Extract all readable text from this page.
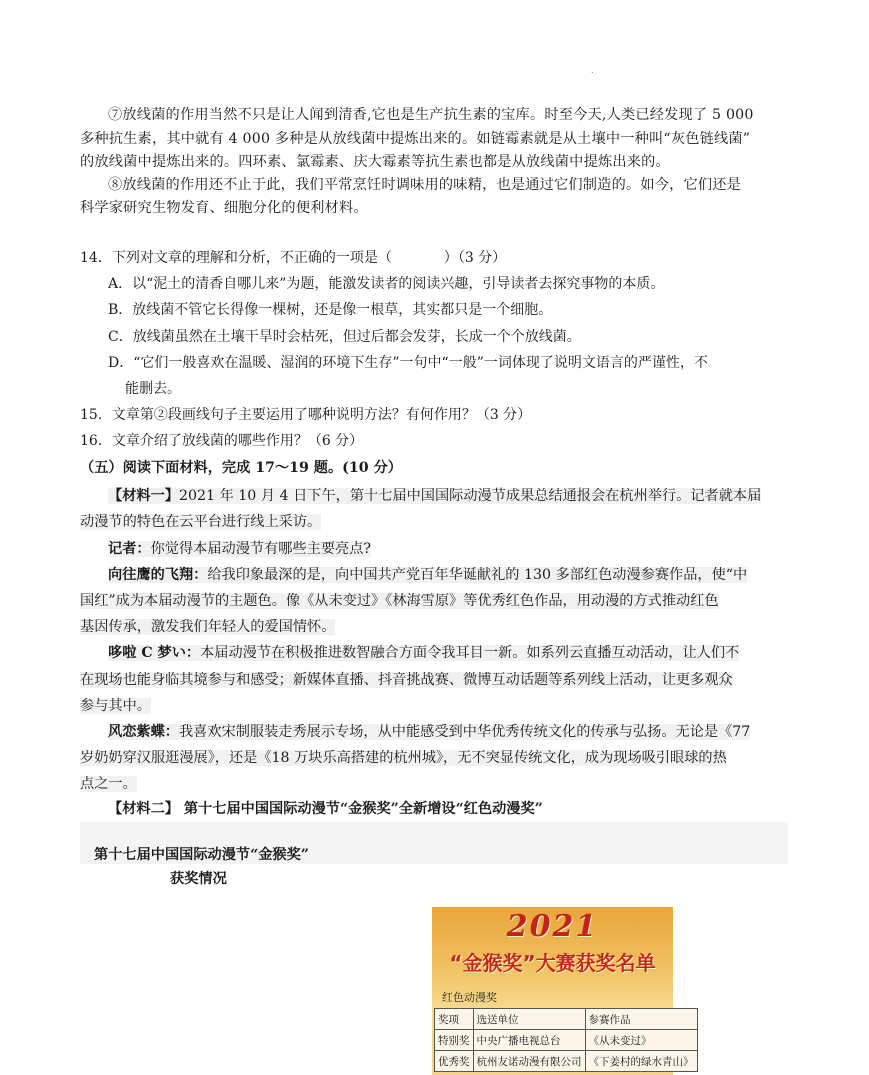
.
⑦放线菌的作用当然不只是让人闻到清香,它也是生产抗生素的宝库。时至今天,人类已经发现了 5 000
多种抗生素，其中就有 4 000 多种是从放线菌中提炼出来的。如链霉素就是从土壤中一种叫“灰色链线菌”
的放线菌中提炼出来的。四环素、氯霉素、庆大霉素等抗生素也都是从放线菌中提炼出来的。
⑧放线菌的作用还不止于此，我们平常烹饪时调味用的味精，也是通过它们制造的。如今，它们还是
科学家研究生物发育、细胞分化的便利材料。
14．下列对文章的理解和分析，不正确的一项是（	）（3 分）
A．以“泥土的清香自哪儿来”为题，能激发读者的阅读兴趣，引导读者去探究事物的本质。
B．放线菌不管它长得像一棵树，还是像一根草，其实都只是一个细胞。
C．放线菌虽然在土壤干旱时会枯死，但过后都会发芽，长成一个个放线菌。
D．“它们一般喜欢在温暖、湿润的环境下生存”一句中“一般”一词体现了说明文语言的严谨性，不
能删去。
15．文章第②段画线句子主要运用了哪种说明方法？有何作用？（3 分）
16．文章介绍了放线菌的哪些作用？（6 分）
（五）阅读下面材料，完成 17～19 题。(10 分）
【材料一】2021 年 10 月 4 日下午，第十七届中国国际动漫节成果总结通报会在杭州举行。记者就本届
动漫节的特色在云平台进行线上采访。
记者：你觉得本届动漫节有哪些主要亮点?
向往鹰的飞翔：给我印象最深的是，向中国共产党百年华诞献礼的 130 多部红色动漫参赛作品，使“中
国红”成为本届动漫节的主题色。像《从未变过》《林海雪原》等优秀红色作品，用动漫的方式推动红色
基因传承，激发我们年轻人的爱国情怀。
哆啦 C 梦い：本届动漫节在积极推进数智融合方面令我耳目一新。如系列云直播互动活动，让人们不
在现场也能身临其境参与和感受；新媒体直播、抖音挑战赛、微博互动话题等系列线上活动，让更多观众
参与其中。
风恋紫蝶：我喜欢宋制服装走秀展示专场，从中能感受到中华优秀传统文化的传承与弘扬。无论是《77
岁奶奶穿汉服逛漫展》，还是《18 万块乐高搭建的杭州城》，无不突显传统文化，成为现场吸引眼球的热
点之一。
【材料二】 第十七届中国国际动漫节“金猴奖”全新增设“红色动漫奖”
第十七届中国国际动漫节“金猴奖”
获奖情况
2021
“金猴奖”大赛获奖名单
红色动漫奖
奖项	选送单位	参赛作品
特别奖	中央广播电视总台	《从未变过》
优秀奖	杭州友诺动漫有限公司	《下姜村的绿水青山》
